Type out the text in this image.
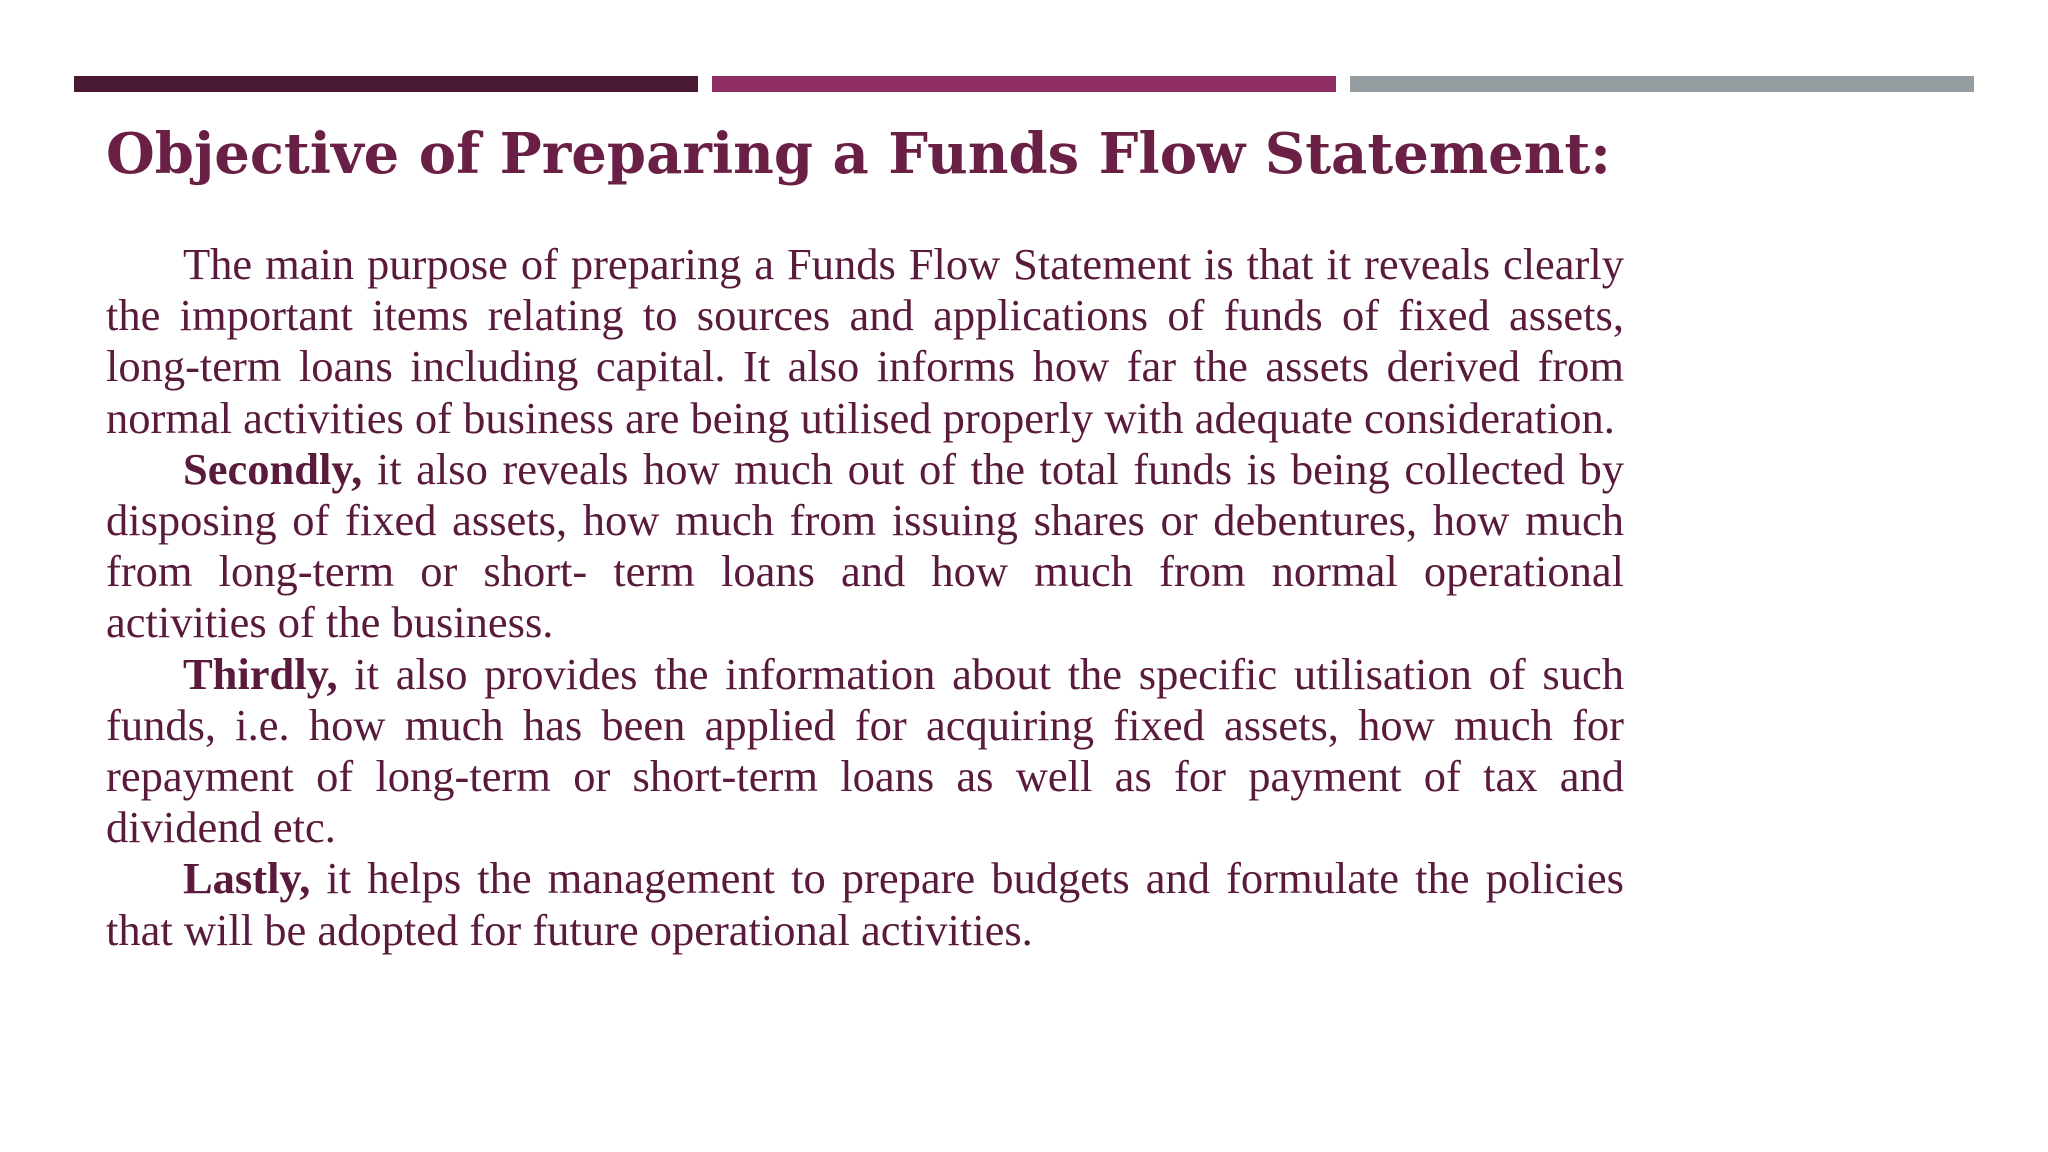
Objective of Preparing a Funds Flow Statement:

The main purpose of preparing a Funds Flow Statement is that it reveals clearly the important items relating to sources and applications of funds of fixed assets, long-term loans including capital. It also informs how far the assets derived from normal activities of business are being utilised properly with adequate consideration.

Secondly, it also reveals how much out of the total funds is being collected by disposing of fixed assets, how much from issuing shares or debentures, how much from long-term or short- term loans and how much from normal operational activities of the business.

Thirdly, it also provides the information about the specific utilisation of such funds, i.e. how much has been applied for acquiring fixed assets, how much for repayment of long-term or short-term loans as well as for payment of tax and dividend etc.

Lastly, it helps the management to prepare budgets and formulate the policies that will be adopted for future operational activities.
